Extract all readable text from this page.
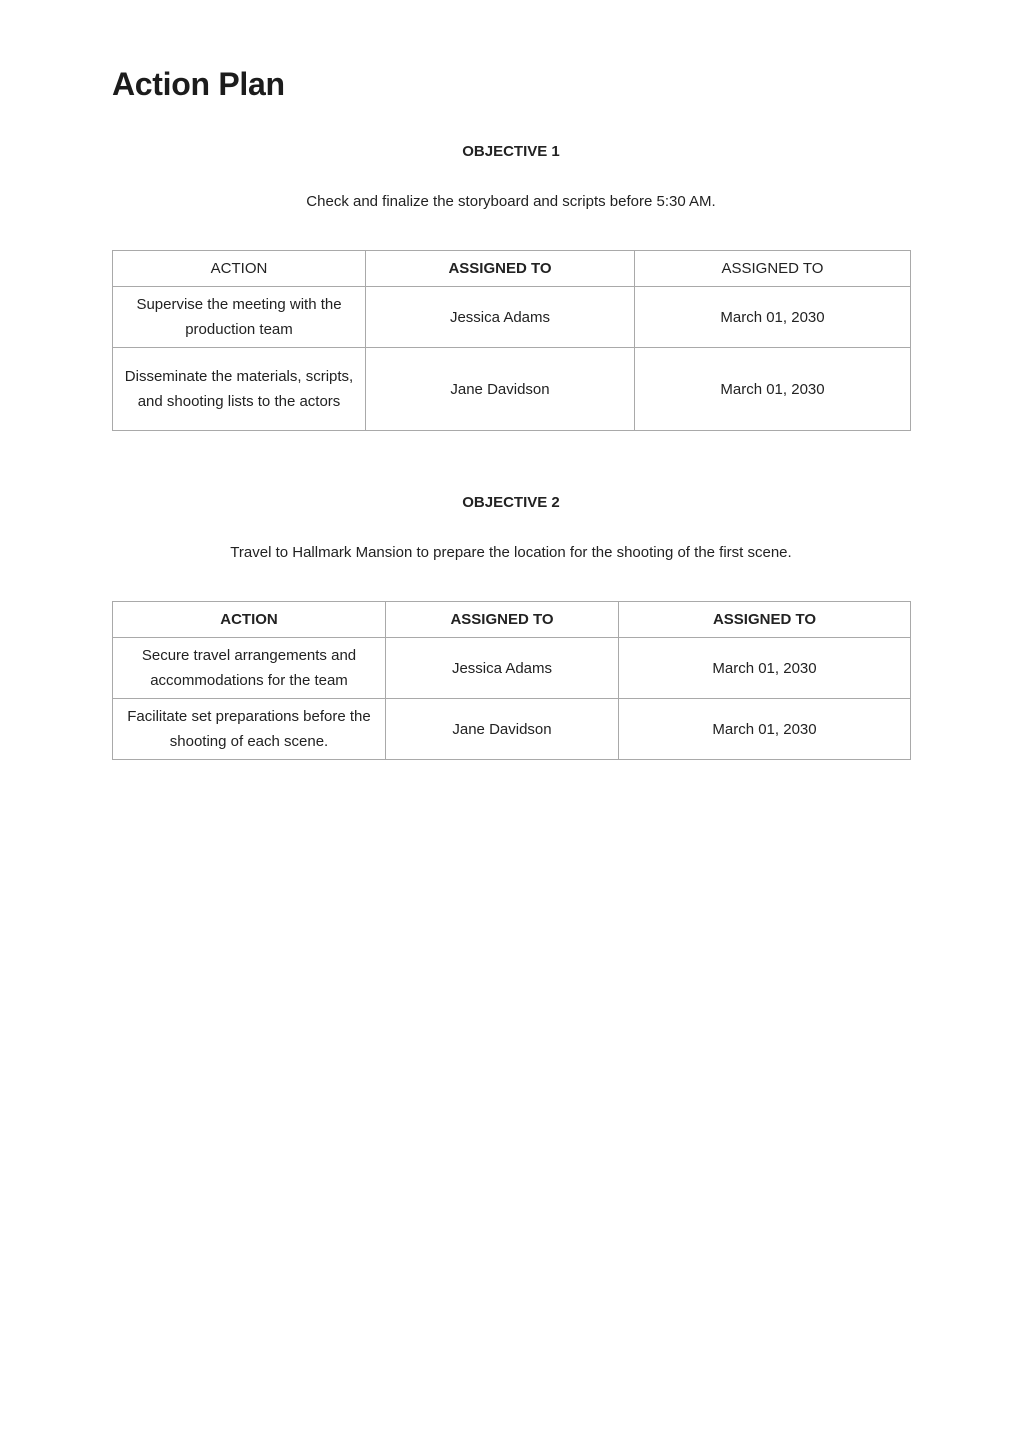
Action Plan

OBJECTIVE 1

Check and finalize the storyboard and scripts before 5:30 AM.

ACTION	ASSIGNED TO	ASSIGNED TO
Supervise the meeting with the production team	Jessica Adams	March 01, 2030
Disseminate the materials, scripts, and shooting lists to the actors	Jane Davidson	March 01, 2030

OBJECTIVE 2

Travel to Hallmark Mansion to prepare the location for the shooting of the first scene.

ACTION	ASSIGNED TO	ASSIGNED TO
Secure travel arrangements and accommodations for the team	Jessica Adams	March 01, 2030
Facilitate set preparations before the shooting of each scene.	Jane Davidson	March 01, 2030
